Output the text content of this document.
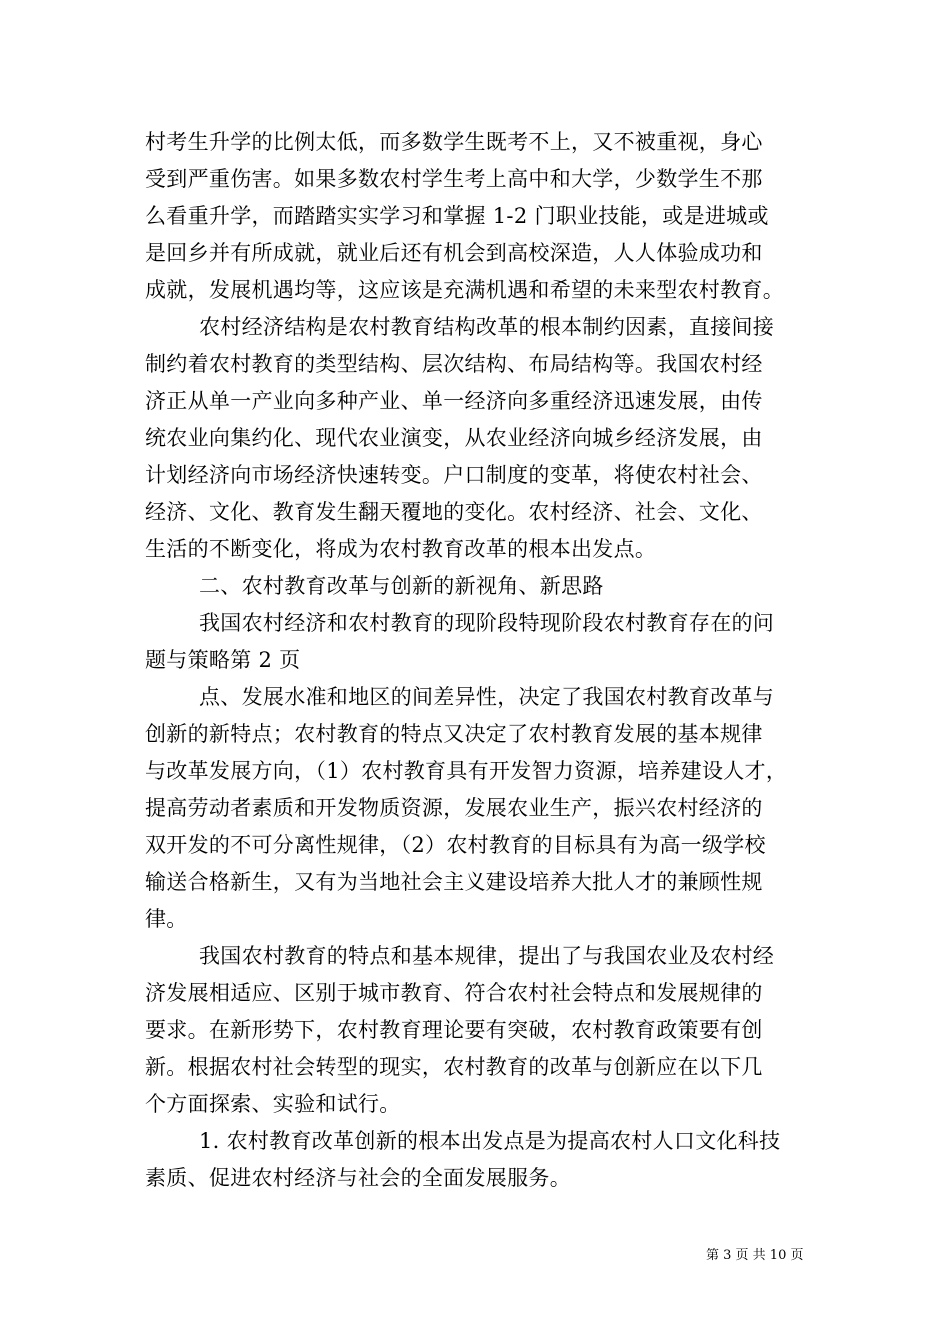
村考生升学的比例太低，而多数学生既考不上，又不被重视，身心
受到严重伤害。如果多数农村学生考上高中和大学，少数学生不那
么看重升学，而踏踏实实学习和掌握 1-2 门职业技能，或是进城或
是回乡并有所成就，就业后还有机会到高校深造，人人体验成功和
成就，发展机遇均等，这应该是充满机遇和希望的未来型农村教育。
农村经济结构是农村教育结构改革的根本制约因素，直接间接
制约着农村教育的类型结构、层次结构、布局结构等。我国农村经
济正从单一产业向多种产业、单一经济向多重经济迅速发展，由传
统农业向集约化、现代农业演变，从农业经济向城乡经济发展，由
计划经济向市场经济快速转变。户口制度的变革，将使农村社会、
经济、文化、教育发生翻天覆地的变化。农村经济、社会、文化、
生活的不断变化，将成为农村教育改革的根本出发点。
二、农村教育改革与创新的新视角、新思路
我国农村经济和农村教育的现阶段特现阶段农村教育存在的问
题与策略第 2 页
点、发展水准和地区的间差异性，决定了我国农村教育改革与
创新的新特点；农村教育的特点又决定了农村教育发展的基本规律
与改革发展方向，（1）农村教育具有开发智力资源，培养建设人才，
提高劳动者素质和开发物质资源，发展农业生产，振兴农村经济的
双开发的不可分离性规律，（2）农村教育的目标具有为高一级学校
输送合格新生，又有为当地社会主义建设培养大批人才的兼顾性规
律。
我国农村教育的特点和基本规律，提出了与我国农业及农村经
济发展相适应、区别于城市教育、符合农村社会特点和发展规律的
要求。在新形势下，农村教育理论要有突破，农村教育政策要有创
新。根据农村社会转型的现实，农村教育的改革与创新应在以下几
个方面探索、实验和试行。
1. 农村教育改革创新的根本出发点是为提高农村人口文化科技
素质、促进农村经济与社会的全面发展服务。
第 3 页 共 10 页
